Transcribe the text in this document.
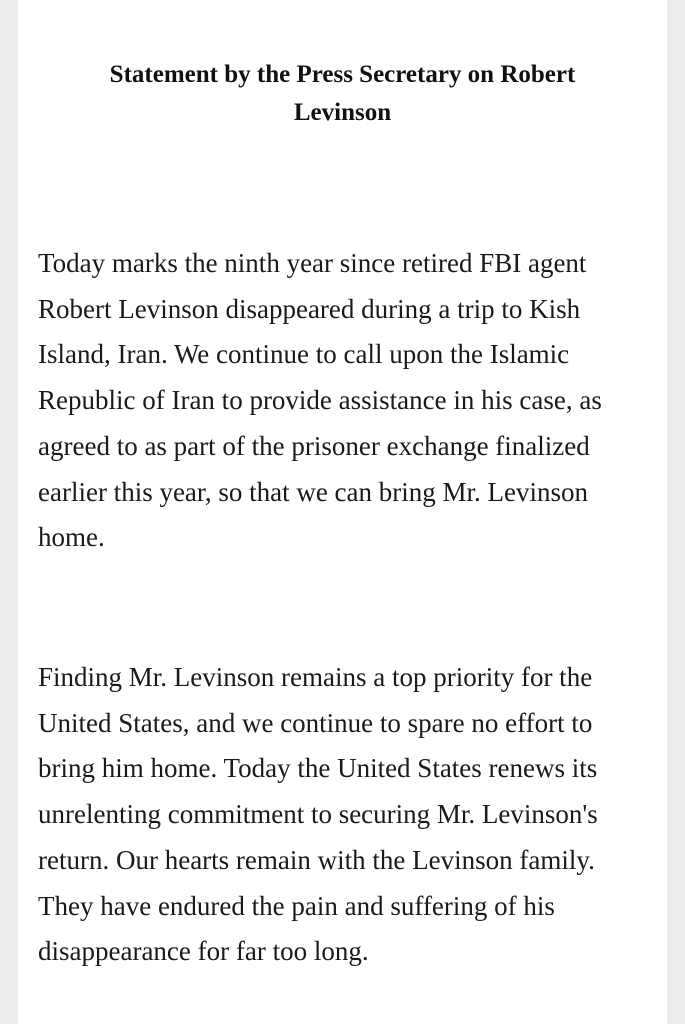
Statement by the Press Secretary on Robert
Levinson

Today marks the ninth year since retired FBI agent
Robert Levinson disappeared during a trip to Kish
Island, Iran. We continue to call upon the Islamic
Republic of Iran to provide assistance in his case, as
agreed to as part of the prisoner exchange finalized
earlier this year, so that we can bring Mr. Levinson
home.

Finding Mr. Levinson remains a top priority for the
United States, and we continue to spare no effort to
bring him home. Today the United States renews its
unrelenting commitment to securing Mr. Levinson's
return. Our hearts remain with the Levinson family.
They have endured the pain and suffering of his
disappearance for far too long.
